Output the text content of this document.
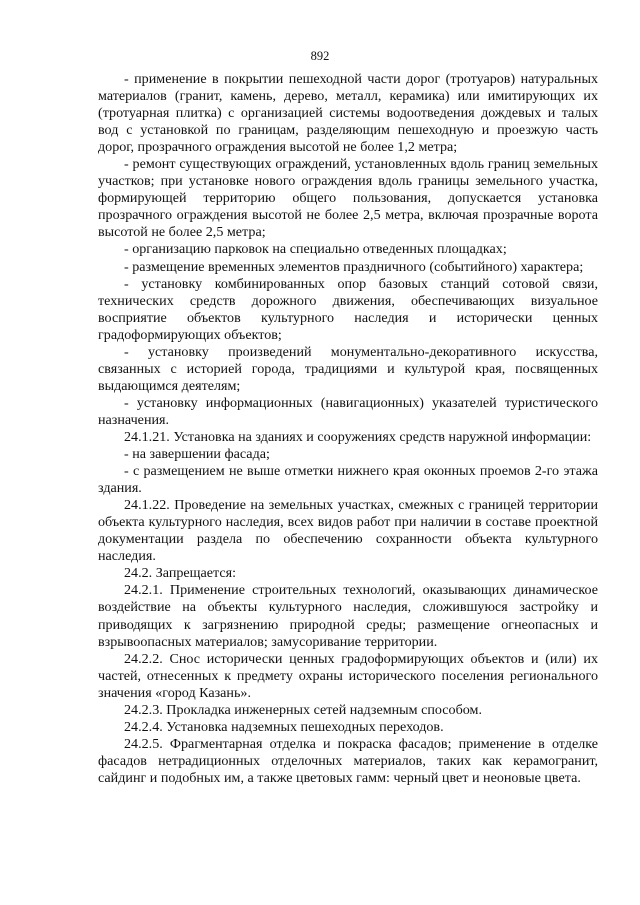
892

- применение в покрытии пешеходной части дорог (тротуаров) натуральных материалов (гранит, камень, дерево, металл, керамика) или имитирующих их (тротуарная плитка) с организацией системы водоотведения дождевых и талых вод с установкой по границам, разделяющим пешеходную и проезжую часть дорог, прозрачного ограждения высотой не более 1,2 метра;

- ремонт существующих ограждений, установленных вдоль границ земельных участков; при установке нового ограждения вдоль границы земельного участка, формирующей территорию общего пользования, допускается установка прозрачного ограждения высотой не более 2,5 метра, включая прозрачные ворота высотой не более 2,5 метра;

- организацию парковок на специально отведенных площадках;

- размещение временных элементов праздничного (событийного) характера;

- установку комбинированных опор базовых станций сотовой связи, технических средств дорожного движения, обеспечивающих визуальное восприятие объектов культурного наследия и исторически ценных градоформирующих объектов;

- установку произведений монументально-декоративного искусства, связанных с историей города, традициями и культурой края, посвященных выдающимся деятелям;

- установку информационных (навигационных) указателей туристического назначения.

24.1.21. Установка на зданиях и сооружениях средств наружной информации:

- на завершении фасада;

- с размещением не выше отметки нижнего края оконных проемов 2-го этажа здания.

24.1.22. Проведение на земельных участках, смежных с границей территории объекта культурного наследия, всех видов работ при наличии в составе проектной документации раздела по обеспечению сохранности объекта культурного наследия.

24.2. Запрещается:

24.2.1. Применение строительных технологий, оказывающих динамическое воздействие на объекты культурного наследия, сложившуюся застройку и приводящих к загрязнению природной среды; размещение огнеопасных и взрывоопасных материалов; замусоривание территории.

24.2.2. Снос исторически ценных градоформирующих объектов и (или) их частей, отнесенных к предмету охраны исторического поселения регионального значения «город Казань».

24.2.3. Прокладка инженерных сетей надземным способом.

24.2.4. Установка надземных пешеходных переходов.

24.2.5. Фрагментарная отделка и покраска фасадов; применение в отделке фасадов нетрадиционных отделочных материалов, таких как керамогранит, сайдинг и подобных им, а также цветовых гамм: черный цвет и неоновые цвета.
